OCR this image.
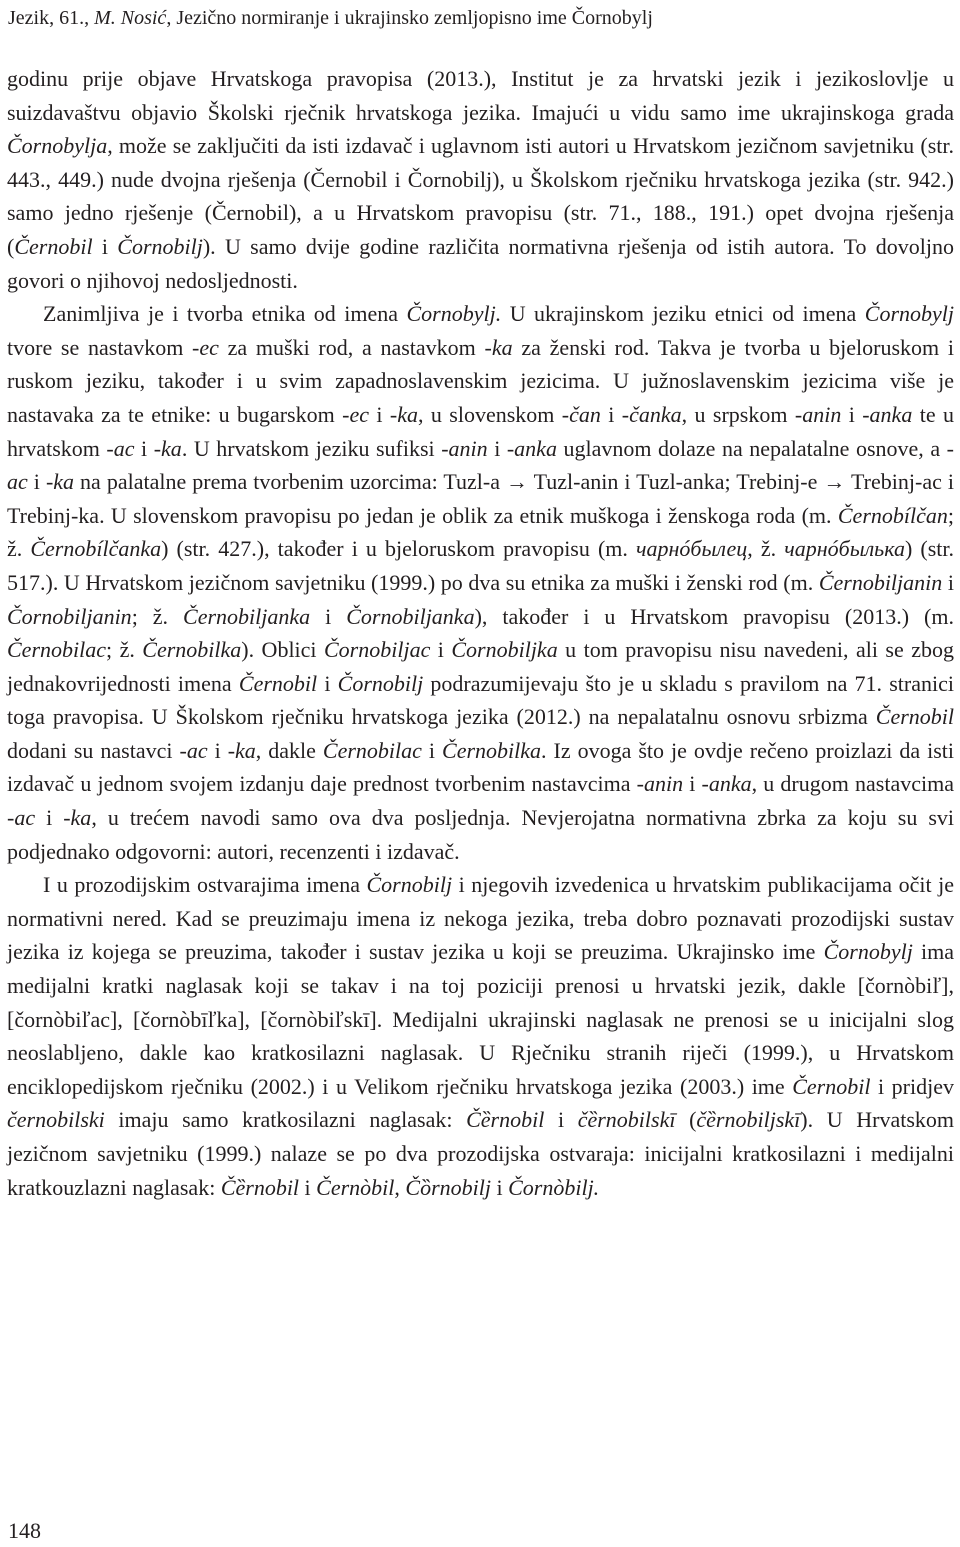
Jezik, 61., M. Nosić, Jezično normiranje i ukrajinsko zemljopisno ime Čornobylj

godinu prije objave Hrvatskoga pravopisa (2013.), Institut je za hrvatski jezik i jezikoslovlje u suizdavaštvu objavio Školski rječnik hrvatskoga jezika. Imajući u vidu samo ime ukrajinskoga grada Čornobylja, može se zaključiti da isti izdavač i uglavnom isti autori u Hrvatskom jezičnom savjetniku (str. 443., 449.) nude dvojna rješenja (Černobil i Čornobilj), u Školskom rječniku hrvatskoga jezika (str. 942.) samo jedno rješenje (Černobil), a u Hrvatskom pravopisu (str. 71., 188., 191.) opet dvojna rješenja (Černobil i Čornobilj). U samo dvije godine različita normativna rješenja od istih autora. To dovoljno govori o njihovoj nedosljednosti.

Zanimljiva je i tvorba etnika od imena Čornobylj. U ukrajinskom jeziku etnici od imena Čornobylj tvore se nastavkom -ec za muški rod, a nastavkom -ka za ženski rod. Takva je tvorba u bjeloruskom i ruskom jeziku, također i u svim zapadnoslavenskim jezicima. U južnoslavenskim jezicima više je nastavaka za te etnike: u bugarskom -ec i -ka, u slovenskom -čan i -čanka, u srpskom -anin i -anka te u hrvatskom -ac i -ka. U hrvatskom jeziku sufiksi -anin i -anka uglavnom dolaze na nepalatalne osnove, a -ac i -ka na palatalne prema tvorbenim uzorcima: Tuzl-a → Tuzl-anin i Tuzl-anka; Trebinj-e → Trebinj-ac i Trebinj-ka. U slovenskom pravopisu po jedan je oblik za etnik muškoga i ženskoga roda (m. Černobílčan; ž. Černobílčanka) (str. 427.), također i u bjeloruskom pravopisu (m. чарнóбылец, ž. чарнóбылька) (str. 517.). U Hrvatskom jezičnom savjetniku (1999.) po dva su etnika za muški i ženski rod (m. Černobiljanin i Čornobiljanin; ž. Černobiljanka i Čornobiljanka), također i u Hrvatskom pravopisu (2013.) (m. Černobilac; ž. Černobilka). Oblici Čornobiljac i Čornobiljka u tom pravopisu nisu navedeni, ali se zbog jednakovrijednosti imena Černobil i Čornobilj podrazumijevaju što je u skladu s pravilom na 71. stranici toga pravopisa. U Školskom rječniku hrvatskoga jezika (2012.) na nepalatalnu osnovu srbizma Černobil dodani su nastavci -ac i -ka, dakle Černobilac i Černobilka. Iz ovoga što je ovdje rečeno proizlazi da isti izdavač u jednom svojem izdanju daje prednost tvorbenim nastavcima -anin i -anka, u drugom nastavcima -ac i -ka, u trećem navodi samo ova dva posljednja. Nevjerojatna normativna zbrka za koju su svi podjednako odgovorni: autori, recenzenti i izdavač.

I u prozodijskim ostvarajima imena Čornobilj i njegovih izvedenica u hrvatskim publikacijama očit je normativni nered. Kad se preuzimaju imena iz nekoga jezika, treba dobro poznavati prozodijski sustav jezika iz kojega se preuzima, također i sustav jezika u koji se preuzima. Ukrajinsko ime Čornobylj ima medijalni kratki naglasak koji se takav i na toj poziciji prenosi u hrvatski jezik, dakle [čornòbiľ], [čornòbiľac], [čornòbīľka], [čornòbiľskī]. Medijalni ukrajinski naglasak ne prenosi se u inicijalni slog neoslabljeno, dakle kao kratkosilazni naglasak. U Rječniku stranih riječi (1999.), u Hrvatskom enciklopedijskom rječniku (2002.) i u Velikom rječniku hrvatskoga jezika (2003.) ime Černobil i pridjev černobilski imaju samo kratkosilazni naglasak: Čȅrnobil i čȅrnobilskī (čȅrnobiljskī). U Hrvatskom jezičnom savjetniku (1999.) nalaze se po dva prozodijska ostvaraja: inicijalni kratkosilazni i medijalni kratkouzlazni naglasak: Čȅrnobil i Černòbil, Čȍrnobilj i Čornòbilj.

148
